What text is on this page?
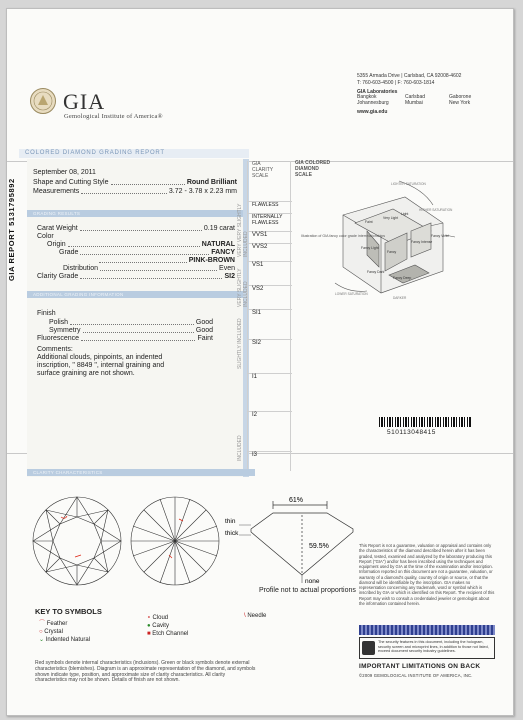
GIA
Gemological Institute of America®
5355 Armada Drive | Carlsbad, CA 92008-4602
T: 760-603-4500 | F: 760-603-1814
GIA Laboratories
Bangkok	Carlsbad	Gaborone
Johannesburg	Mumbai	New York
www.gia.edu
COLORED DIAMOND GRADING REPORT
GIA REPORT 5131795892
September 08, 2011
Shape and Cutting Style	Round Brilliant
Measurements	3.72 - 3.78 x 2.23 mm
GRADING RESULTS
Carat Weight	0.19 carat
Color
Origin	NATURAL
Grade	FANCY
PINK-BROWN
Distribution	Even
Clarity Grade	SI2
ADDITIONAL GRADING INFORMATION
Finish
Polish	Good
Symmetry	Good
Fluorescence	Faint
Comments:
Additional clouds, pinpoints, an indented
inscription, " 8849 ", internal graining and
surface graining are not shown.
GIA CLARITY SCALE
FLAWLESS
INTERNALLY FLAWLESS
VVS1
VVS2
VS1
VS2
SI1
SI2
I1
I2
I3
VERY VERY SLIGHTLY INCLUDED
VERY SLIGHTLY INCLUDED
SLIGHTLY INCLUDED
INCLUDED
GIA COLORED DIAMOND SCALE
Illustration of GIA fancy color grade interrelationships
Faint
Very Light
Light
Fancy Light
Fancy
Fancy Intense
Fancy Vivid
Fancy Deep
Fancy Dark
LIGHTER SATURATION
HIGHER SATURATION
LOWER SATURATION
DARKER
510113048415
CLARITY CHARACTERISTICS
61%
59.5%
thin
thick
none
Profile not to actual proportions
KEY TO SYMBOLS
⌒ Feather
○ Crystal
⌄ Indented Natural
∘ Cloud
● Cavity
■ Etch Channel
\ Needle
Red symbols denote internal characteristics (inclusions). Green or black symbols denote external characteristics (blemishes). Diagram is an approximate representation of the diamond, and symbols shown indicate type, position, and approximate size of clarity characteristics. All clarity characteristics may not be shown. Details of finish are not shown.
This Report is not a guarantee, valuation or appraisal and contains only the characteristics of the diamond described herein after it has been graded, tested, examined and analyzed by the laboratory producing this Report ("GIA") and/or has been inscribed using the techniques and equipment used by GIA at the time of the examination and/or inscription. Information reported on this document are not a guarantee, valuation, or warranty of a diamond's quality, country of origin or source, or that the diamond will be identifiable by the inscription. GIA makes no representation concerning any trademark, word or symbol which is inscribed by GIA or which is identified on this Report. The recipient of this Report may wish to consult a credentialed jeweler or gemologist about the information contained herein.
The security features in this document, including the hologram, security screen and microprint lines, in addition to those not listed, exceed document security industry guidelines.
IMPORTANT LIMITATIONS ON BACK
©2009 GEMOLOGICAL INSTITUTE OF AMERICA, INC.
